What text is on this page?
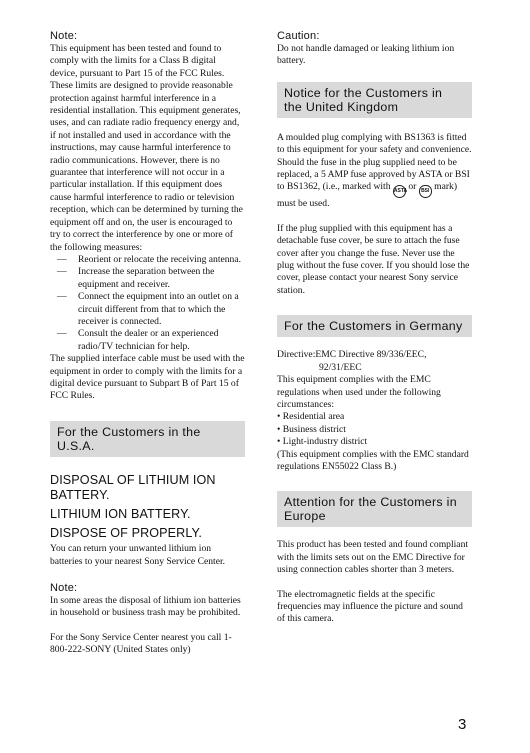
Note:

This equipment has been tested and found to comply with the limits for a Class B digital device, pursuant to Part 15 of the FCC Rules. These limits are designed to provide reasonable protection against harmful interference in a residential installation. This equipment generates, uses, and can radiate radio frequency energy and, if not installed and used in accordance with the instructions, may cause harmful interference to radio communications. However, there is no guarantee that interference will not occur in a particular installation. If this equipment does cause harmful interference to radio or television reception, which can be determined by turning the equipment off and on, the user is encouraged to try to correct the interference by one or more of the following measures:

— Reorient or relocate the receiving antenna.
— Increase the separation between the equipment and receiver.
— Connect the equipment into an outlet on a circuit different from that to which the receiver is connected.
— Consult the dealer or an experienced radio/TV technician for help.

The supplied interface cable must be used with the equipment in order to comply with the limits for a digital device pursuant to Subpart B of Part 15 of FCC Rules.

For the Customers in the U.S.A.

DISPOSAL OF LITHIUM ION BATTERY.

LITHIUM ION BATTERY.

DISPOSE OF PROPERLY.

You can return your unwanted lithium ion batteries to your nearest Sony Service Center.

Note:

In some areas the disposal of lithium ion batteries in household or business trash may be prohibited.

For the Sony Service Center nearest you call 1-800-222-SONY (United States only)

Caution:

Do not handle damaged or leaking lithium ion battery.

Notice for the Customers in the United Kingdom

A moulded plug complying with BS1363 is fitted to this equipment for your safety and convenience.

Should the fuse in the plug supplied need to be replaced, a 5 AMP fuse approved by ASTA or BSI to BS1362, (i.e., marked with ASTA or BSI mark) must be used.

If the plug supplied with this equipment has a detachable fuse cover, be sure to attach the fuse cover after you change the fuse. Never use the plug without the fuse cover. If you should lose the cover, please contact your nearest Sony service station.

For the Customers in Germany

Directive:EMC Directive 89/336/EEC,

92/31/EEC

This equipment complies with the EMC regulations when used under the following circumstances:

• Residential area
• Business district
• Light-industry district

(This equipment complies with the EMC standard regulations EN55022 Class B.)

Attention for the Customers in Europe

This product has been tested and found compliant with the limits sets out on the EMC Directive for using connection cables shorter than 3 meters.

The electromagnetic fields at the specific frequencies may influence the picture and sound of this camera.

3
